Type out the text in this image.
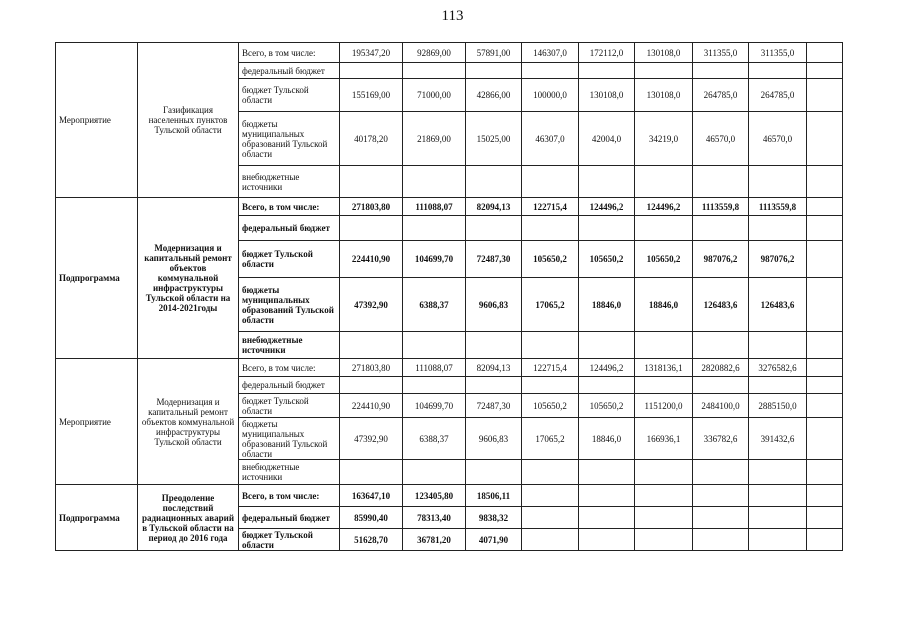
113
Мероприятие	Газификация населенных пунктов Тульской области	Всего, в том числе:	195347,20	92869,00	57891,00	146307,0	172112,0	130108,0	311355,0	311355,0	
		федеральный бюджет									
		бюджет Тульской области	155169,00	71000,00	42866,00	100000,0	130108,0	130108,0	264785,0	264785,0	
		бюджеты муниципальных образований Тульской области	40178,20	21869,00	15025,00	46307,0	42004,0	34219,0	46570,0	46570,0	
		внебюджетные источники									
Подпрограмма	Модернизация и капитальный ремонт объектов коммунальной инфраструктуры Тульской области на 2014-2021годы	Всего, в том числе:	271803,80	111088,07	82094,13	122715,4	124496,2	124496,2	1113559,8	1113559,8	
		федеральный бюджет									
		бюджет Тульской области	224410,90	104699,70	72487,30	105650,2	105650,2	105650,2	987076,2	987076,2	
		бюджеты муниципальных образований Тульской области	47392,90	6388,37	9606,83	17065,2	18846,0	18846,0	126483,6	126483,6	
		внебюджетные источники									
Мероприятие	Модернизация и капитальный ремонт объектов коммунальной инфраструктуры Тульской области	Всего, в том числе:	271803,80	111088,07	82094,13	122715,4	124496,2	1318136,1	2820882,6	3276582,6	
		федеральный бюджет									
		бюджет Тульской области	224410,90	104699,70	72487,30	105650,2	105650,2	1151200,0	2484100,0	2885150,0	
		бюджеты муниципальных образований Тульской области	47392,90	6388,37	9606,83	17065,2	18846,0	166936,1	336782,6	391432,6	
		внебюджетные источники									
Подпрограмма	Преодоление последствий радиационных аварий в Тульской области на период до 2016 года	Всего, в том числе:	163647,10	123405,80	18506,11						
		федеральный бюджет	85990,40	78313,40	9838,32						
		бюджет Тульской области	51628,70	36781,20	4071,90						
